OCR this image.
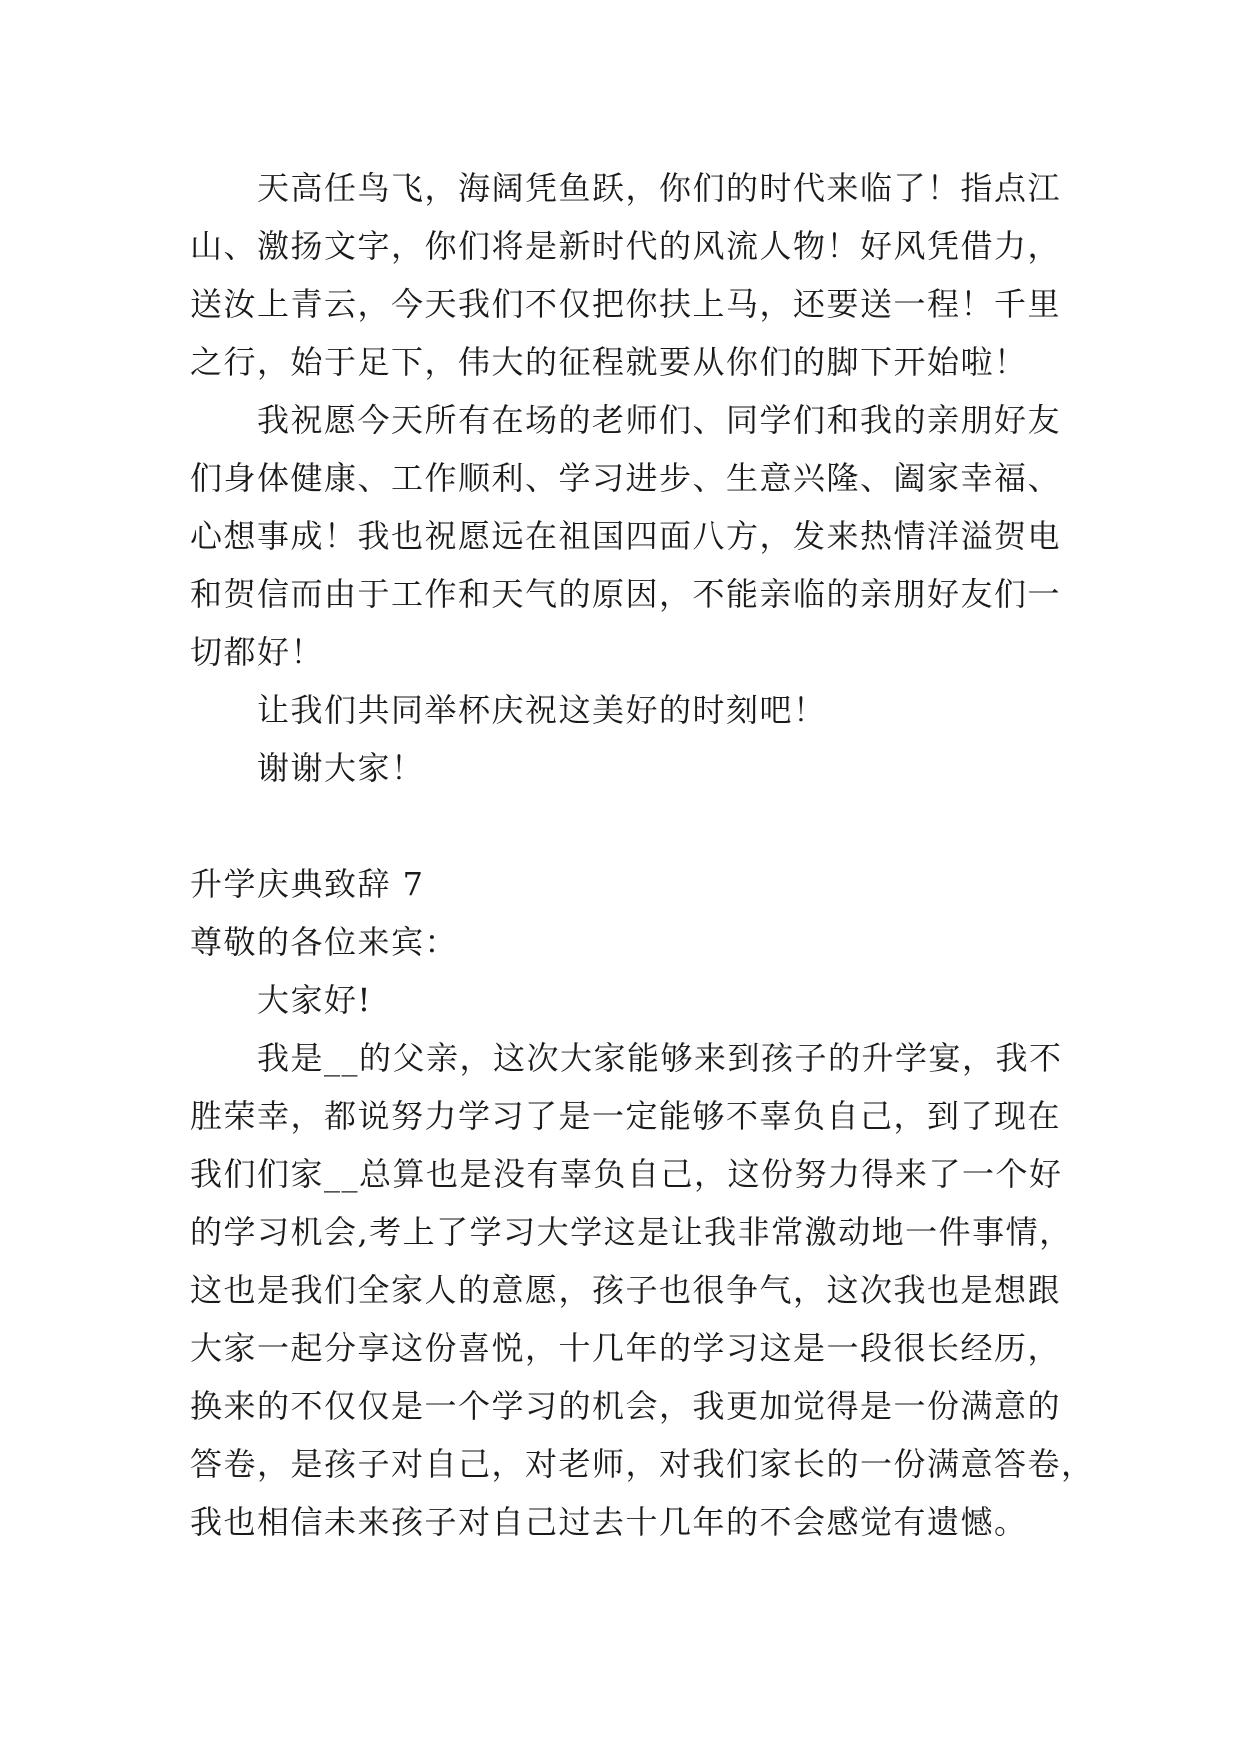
天高任鸟飞，海阔凭鱼跃，你们的时代来临了！指点江

山、激扬文字，你们将是新时代的风流人物！好风凭借力，

送汝上青云，今天我们不仅把你扶上马，还要送一程！千里

之行，始于足下，伟大的征程就要从你们的脚下开始啦！

我祝愿今天所有在场的老师们、同学们和我的亲朋好友

们身体健康、工作顺利、学习进步、生意兴隆、阖家幸福、

心想事成！我也祝愿远在祖国四面八方，发来热情洋溢贺电

和贺信而由于工作和天气的原因，不能亲临的亲朋好友们一

切都好！

让我们共同举杯庆祝这美好的时刻吧！

谢谢大家！

升学庆典致辞 7

尊敬的各位来宾：

大家好!

我是__的父亲，这次大家能够来到孩子的升学宴，我不

胜荣幸，都说努力学习了是一定能够不辜负自己，到了现在

我们们家__总算也是没有辜负自己，这份努力得来了一个好

的学习机会,考上了学习大学这是让我非常激动地一件事情，

这也是我们全家人的意愿，孩子也很争气，这次我也是想跟

大家一起分享这份喜悦，十几年的学习这是一段很长经历，

换来的不仅仅是一个学习的机会，我更加觉得是一份满意的

答卷，是孩子对自己，对老师，对我们家长的一份满意答卷，

我也相信未来孩子对自己过去十几年的不会感觉有遗憾。
